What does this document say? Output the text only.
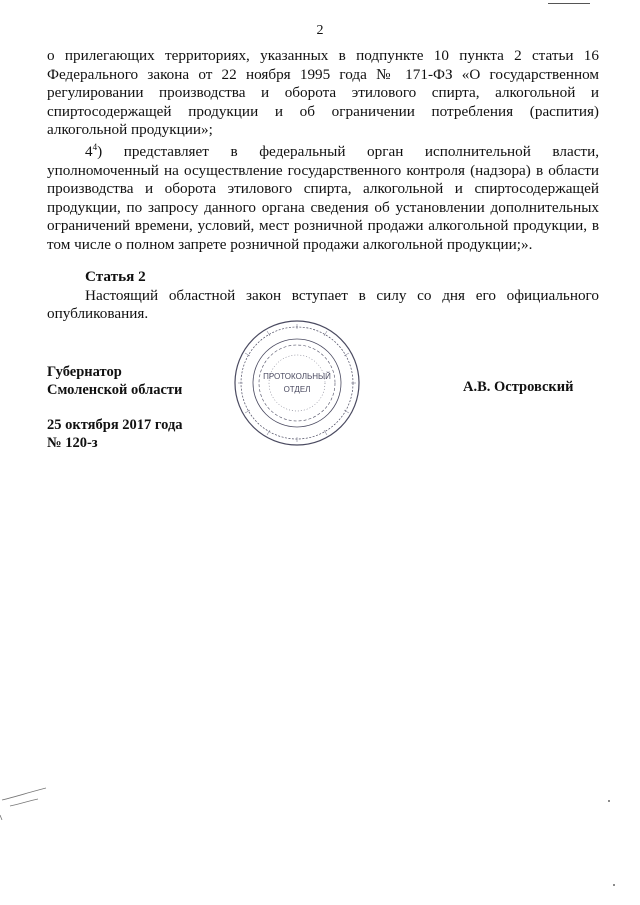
2

о прилегающих территориях, указанных в подпункте 10 пункта 2 статьи 16 Федерального закона от 22 ноября 1995 года № 171-ФЗ «О государственном регулировании производства и оборота этилового спирта, алкогольной и спиртосодержащей продукции и об ограничении потребления (распития) алкогольной продукции»;

$4^4$) представляет в федеральный орган исполнительной власти, уполномоченный на осуществление государственного контроля (надзора) в области производства и оборота этилового спирта, алкогольной и спиртосодержащей продукции, по запросу данного органа сведения об установлении дополнительных ограничений времени, условий, мест розничной продажи алкогольной продукции, в том числе о полном запрете розничной продажи алкогольной продукции;».

Статья 2

Настоящий областной закон вступает в силу со дня его официального опубликования.

Губернатор
Смоленской области
25 октября 2017 года
№ 120-з
А.В. Островский
ПРОТОКОЛЬНЫЙ
ОТДЕЛ
